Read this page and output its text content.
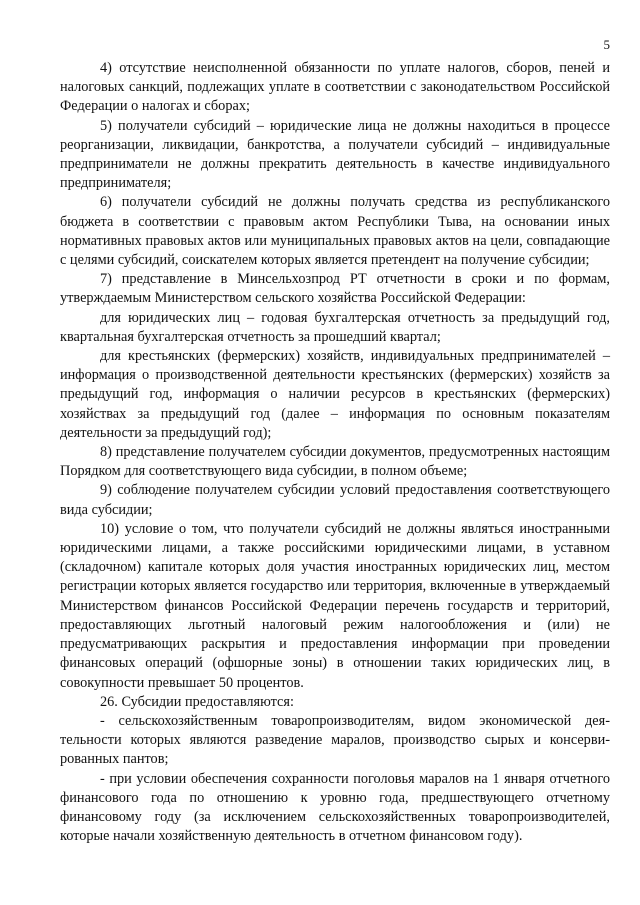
5

4) отсутствие неисполненной обязанности по уплате налогов, сборов, пеней и налоговых санкций, подлежащих уплате в соответствии с законодательством Российской Федерации о налогах и сборах;

5) получатели субсидий – юридические лица не должны находиться в процессе реорганизации, ликвидации, банкротства, а получатели субсидий – индивидуальные предприниматели не должны прекратить деятельность в качестве индивидуального предпринимателя;

6) получатели субсидий не должны получать средства из республиканского бюджета в соответствии с правовым актом Республики Тыва, на основании иных нормативных правовых актов или муниципальных правовых актов на цели, совпадающие с целями субсидий, соискателем которых является претендент на получение субсидии;

7) представление в Минсельхозпрод РТ отчетности в сроки и по формам, утверждаемым Министерством сельского хозяйства Российской Федерации:

для юридических лиц – годовая бухгалтерская отчетность за предыдущий год, квартальная бухгалтерская отчетность за прошедший квартал;

для крестьянских (фермерских) хозяйств, индивидуальных предпринимателей – информация о производственной деятельности крестьянских (фермерских) хозяйств за предыдущий год, информация о наличии ресурсов в крестьянских (фермерских) хозяйствах за предыдущий год (далее – информация по основным показателям деятельности за предыдущий год);

8) представление получателем субсидии документов, предусмотренных настоящим Порядком для соответствующего вида субсидии, в полном объеме;

9) соблюдение получателем субсидии условий предоставления соответствующего вида субсидии;

10) условие о том, что получатели субсидий не должны являться иностранными юридическими лицами, а также российскими юридическими лицами, в уставном (складочном) капитале которых доля участия иностранных юридических лиц, местом регистрации которых является государство или территория, включенные в утверждаемый Министерством финансов Российской Федерации перечень государств и территорий, предоставляющих льготный налоговый режим налогообложения и (или) не предусматривающих раскрытия и предоставления информации при проведении финансовых операций (офшорные зоны) в отношении таких юридических лиц, в совокупности превышает 50 процентов.

26. Субсидии предоставляются:

- сельскохозяйственным товаропроизводителям, видом экономической деятельности которых являются разведение маралов, производство сырых и консервированных пантов;

- при условии обеспечения сохранности поголовья маралов на 1 января отчетного финансового года по отношению к уровню года, предшествующего отчетному финансовому году (за исключением сельскохозяйственных товаропроизводителей, которые начали хозяйственную деятельность в отчетном финансовом году).
